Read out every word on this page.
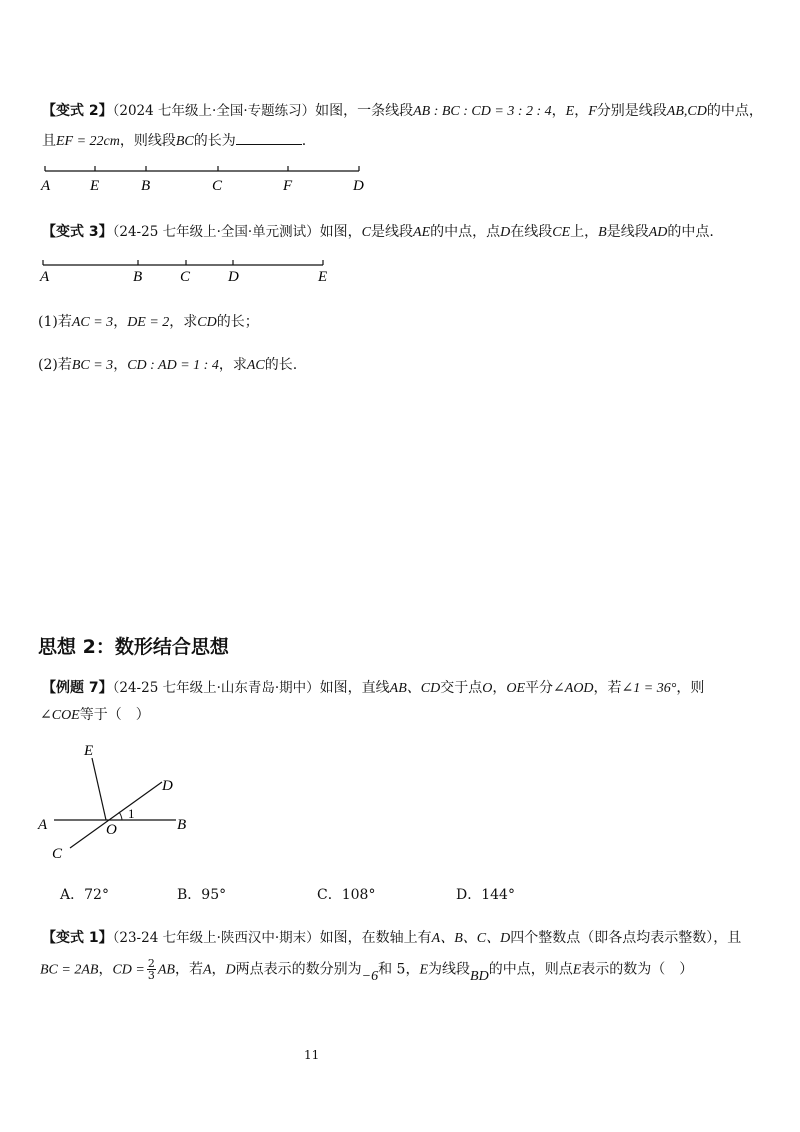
【变式 2】（2024 七年级上·全国·专题练习）如图，一条线段AB : BC : CD = 3 : 2 : 4，E，F分别是线段AB,CD的中点，
且EF = 22cm，则线段BC的长为	.
A	E	B	C	F	D
【变式 3】（24-25 七年级上·全国·单元测试）如图，C是线段AE的中点，点D在线段CE上，B是线段AD的中点.
A	B	C	D	E
(1)若AC = 3，DE = 2，求CD的长；
(2)若BC = 3，CD : AD = 1 : 4，求AC的长.
思想 2：数形结合思想
【例题 7】（24-25 七年级上·山东青岛·期中）如图，直线AB、CD交于点O，OE平分∠AOD，若∠1 = 36°，则
∠COE等于（　）
E
D
A	O
1
B
C
A．72°	B．95°	C．108°	D．144°
【变式 1】（23-24 七年级上·陕西汉中·期末）如图，在数轴上有A、B、C、D四个整数点（即各点均表示整数），且
BC = 2AB，CD = $\frac{2}{3}$ AB，若A，D两点表示的数分别为−6和 5，E为线段BD的中点，则点E表示的数为（　）
11
